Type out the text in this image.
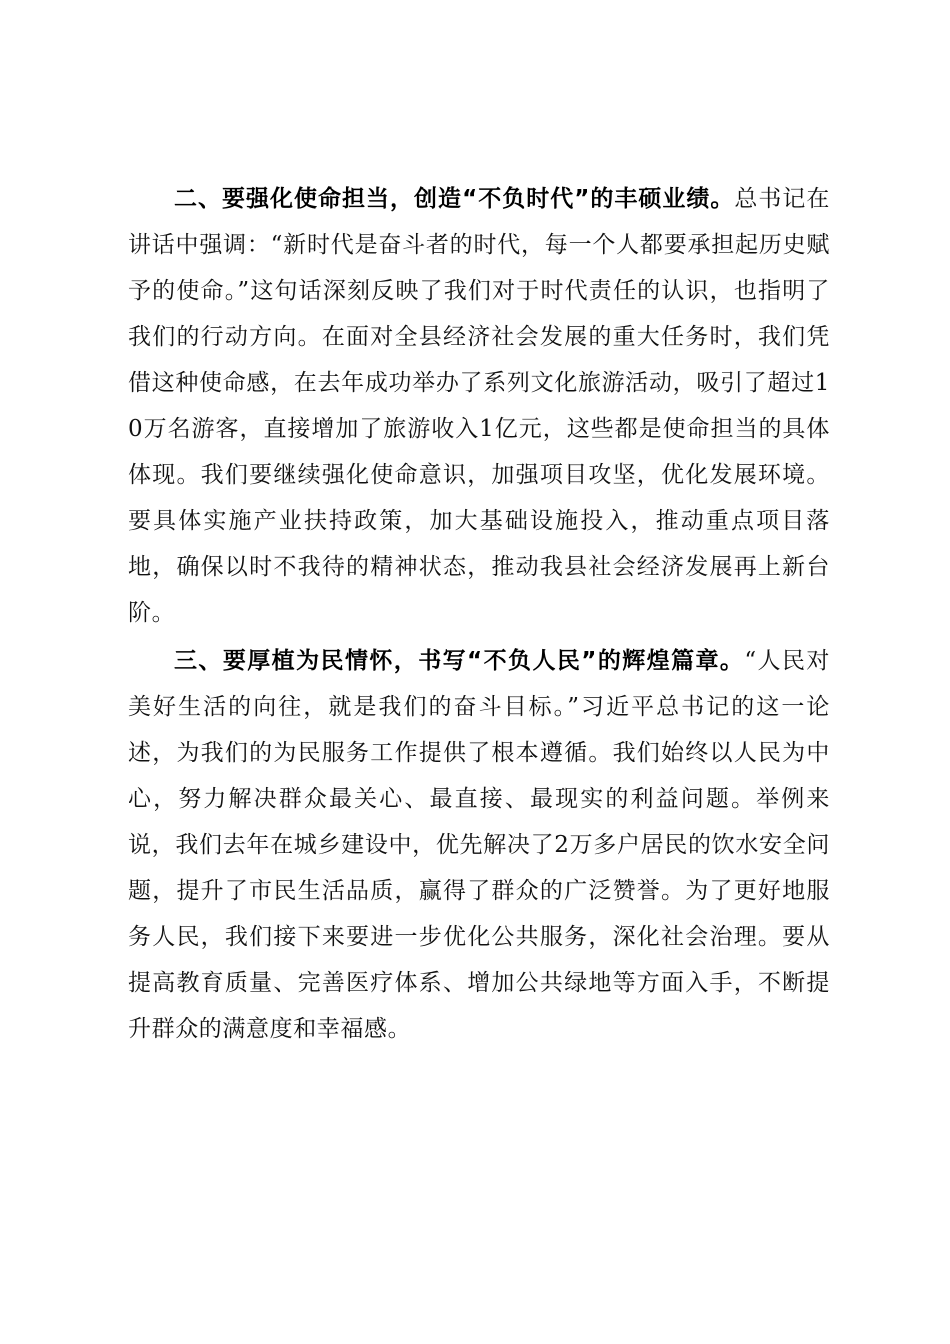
二、要强化使命担当，创造“不负时代”的丰硕业绩。总书记在讲话中强调：“新时代是奋斗者的时代，每一个人都要承担起历史赋予的使命。”这句话深刻反映了我们对于时代责任的认识，也指明了我们的行动方向。在面对全县经济社会发展的重大任务时，我们凭借这种使命感，在去年成功举办了系列文化旅游活动，吸引了超过10万名游客，直接增加了旅游收入1亿元，这些都是使命担当的具体体现。我们要继续强化使命意识，加强项目攻坚，优化发展环境。要具体实施产业扶持政策，加大基础设施投入，推动重点项目落地，确保以时不我待的精神状态，推动我县社会经济发展再上新台阶。

三、要厚植为民情怀，书写“不负人民”的辉煌篇章。“人民对美好生活的向往，就是我们的奋斗目标。”习近平总书记的这一论述，为我们的为民服务工作提供了根本遵循。我们始终以人民为中心，努力解决群众最关心、最直接、最现实的利益问题。举例来说，我们去年在城乡建设中，优先解决了2万多户居民的饮水安全问题，提升了市民生活品质，赢得了群众的广泛赞誉。为了更好地服务人民，我们接下来要进一步优化公共服务，深化社会治理。要从提高教育质量、完善医疗体系、增加公共绿地等方面入手，不断提升群众的满意度和幸福感。
